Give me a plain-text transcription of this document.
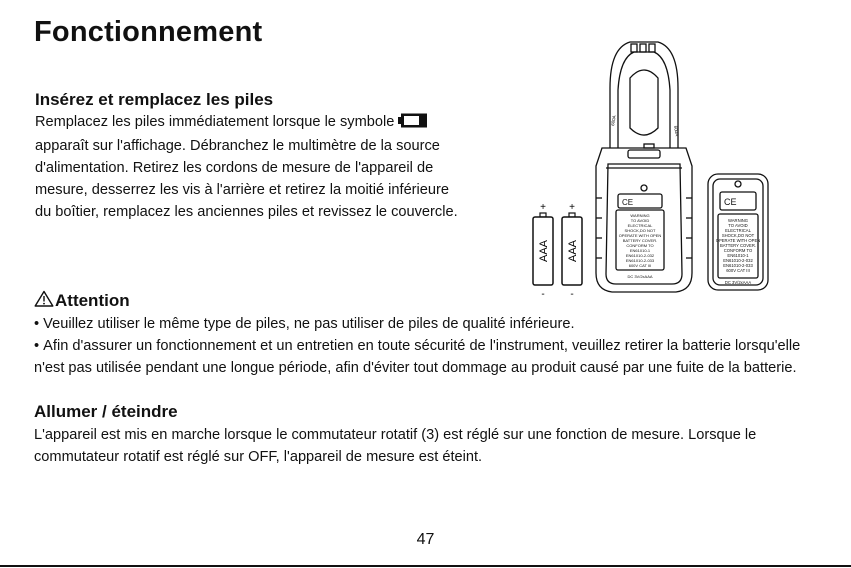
Fonctionnement
Insérez et remplacez les piles
Remplacez les piles immédiatement lorsque le symbole
apparaît sur l'affichage. Débranchez le multimètre de la source
d'alimentation. Retirez les cordons de mesure de l'appareil de
mesure, desserrez les vis à l'arrière et retirez la moitié inférieure
du boîtier, remplacez les anciennes piles et revissez le couvercle.	+
AAA
-
+
AAA
-
CE
600A
600A
WARNING
TO AVOID
ELECTRICAL
SHOCK,DO NOT
OPERATE WITH OPEN
BATTERY COVER.
CONFORM TO
EN61010-1
EN61010-2-032
EN61010-2-033
600V CAT III
DC 3V/2xAAA
CE
WARNING
TO AVOID
ELECTRICAL
SHOCK,DO NOT
OPERATE WITH OPEN
BATTERY COVER.
CONFORM TO
EN61010-1
EN61010-2-032
EN61010-2-033
600V CAT III
DC 3V/2xAAA
Attention
• Veuillez utiliser le même type de piles, ne pas utiliser de piles de qualité inférieure.
• Afin d'assurer un fonctionnement et un entretien en toute sécurité de l'instrument, veuillez retirer la batterie lorsqu'elle
n'est pas utilisée pendant une longue période, afin d'éviter tout dommage au produit causé par une fuite de la batterie.
Allumer / éteindre
L'appareil est mis en marche lorsque le commutateur rotatif (3) est réglé sur une fonction de mesure. Lorsque le
commutateur rotatif est réglé sur OFF, l'appareil de mesure est éteint.
47
